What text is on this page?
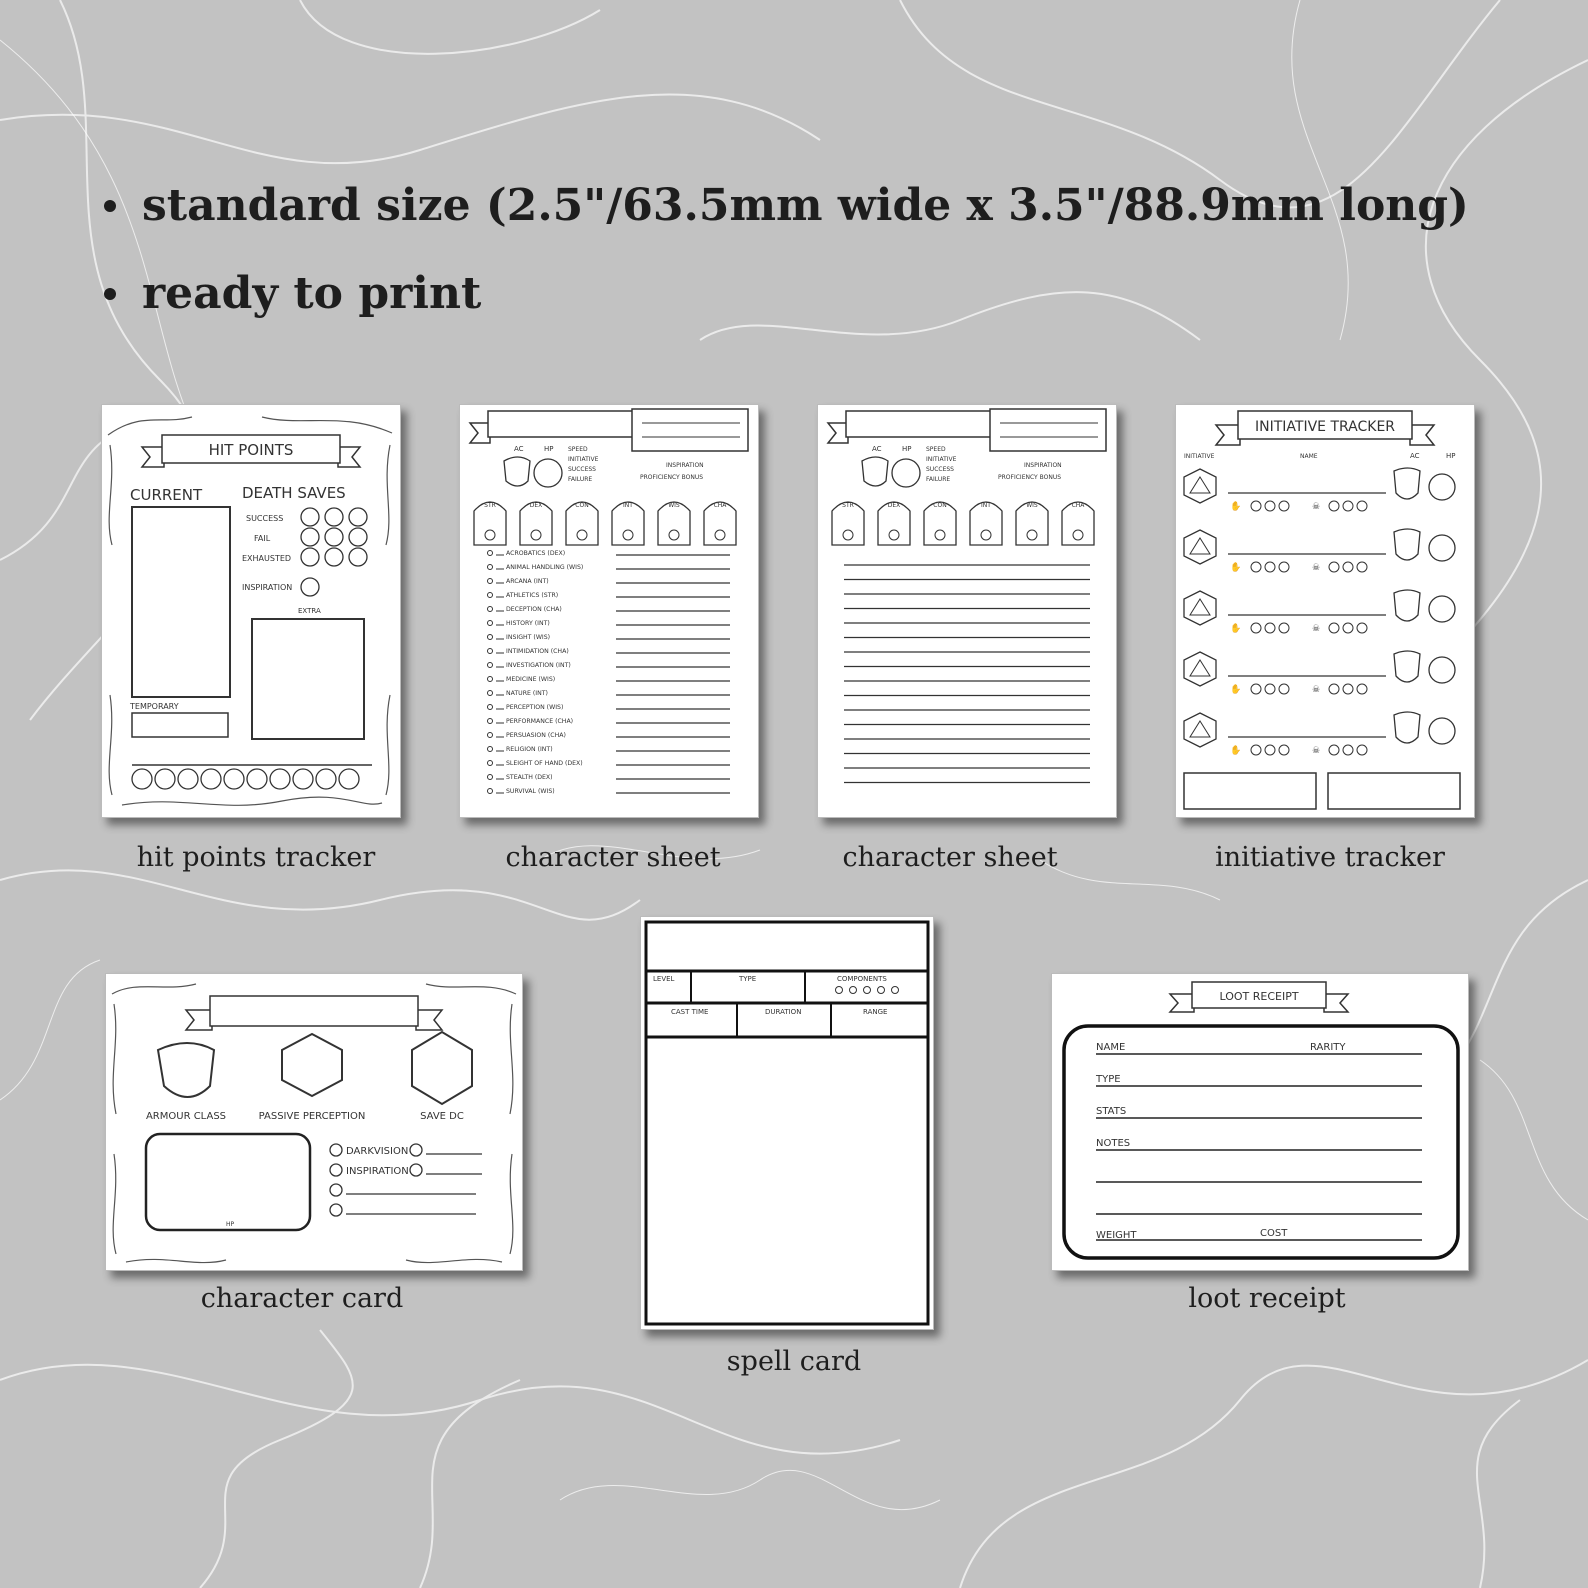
standard size (2.5"/63.5mm wide x 3.5"/88.9mm long)
ready to print
HIT POINTS
CURRENT	DEATH SAVES
SUCCESS
FAIL
EXHAUSTED
INSPIRATION
EXTRA
TEMPORARY
hit points tracker
AC	HP SPEED
INITIATIVE
SUCCESS
FAILURE
INSPIRATION
PROFICIENCY BONUS
STR	DEX	CON	INT	WIS	CHA
ACROBATICS (DEX)
ANIMAL HANDLING (WIS)
ARCANA (INT)
ATHLETICS (STR)
DECEPTION (CHA)
HISTORY (INT)
INSIGHT (WIS)
INTIMIDATION (CHA)
INVESTIGATION (INT)
MEDICINE (WIS)
NATURE (INT)
PERCEPTION (WIS)
PERFORMANCE (CHA)
PERSUASION (CHA)
RELIGION (INT)
SLEIGHT OF HAND (DEX)
STEALTH (DEX)
SURVIVAL (WIS)
character sheet
AC	HP SPEED
INITIATIVE
SUCCESS
FAILURE
INSPIRATION
PROFICIENCY BONUS
STR	DEX	CON	INT	WIS	CHA
character sheet
INITIATIVE TRACKER
INITIATIVE	NAME	AC	HP
✋	☠
✋	☠
✋	☠
✋	☠
✋	☠
initiative tracker
ARMOUR CLASS	PASSIVE PERCEPTION	SAVE DC
HP
DARKVISION
INSPIRATION
character card
LEVEL	TYPE	COMPONENTS
CAST TIME	DURATION	RANGE
spell card
LOOT RECEIPT
NAME	RARITY
TYPE
STATS
NOTES
WEIGHT	COST
loot receipt
